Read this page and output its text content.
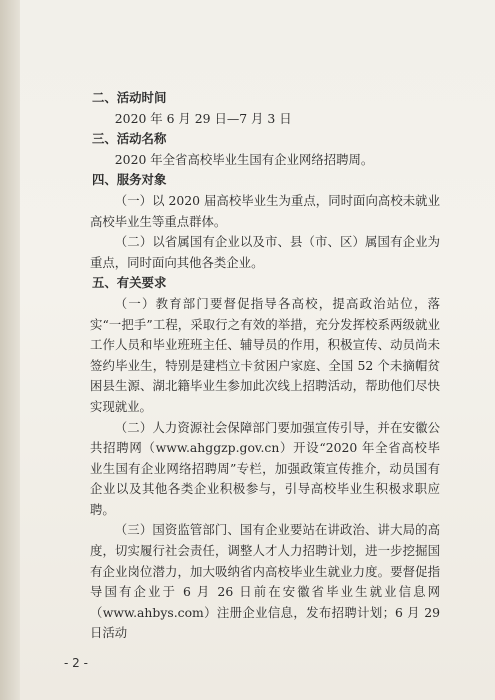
二、活动时间
2020 年 6 月 29 日—7 月 3 日
三、活动名称
2020 年全省高校毕业生国有企业网络招聘周。
四、服务对象
（一）以 2020 届高校毕业生为重点，同时面向高校未就业高校毕业生等重点群体。
（二）以省属国有企业以及市、县（市、区）属国有企业为重点，同时面向其他各类企业。
五、有关要求
（一）教育部门要督促指导各高校，提高政治站位，落实“一把手”工程，采取行之有效的举措，充分发挥校系两级就业工作人员和毕业班班主任、辅导员的作用，积极宣传、动员尚未签约毕业生，特别是建档立卡贫困户家庭、全国 52 个未摘帽贫困县生源、湖北籍毕业生参加此次线上招聘活动，帮助他们尽快实现就业。
（二）人力资源社会保障部门要加强宣传引导，并在安徽公共招聘网（www.ahggzp.gov.cn）开设“2020 年全省高校毕业生国有企业网络招聘周”专栏，加强政策宣传推介，动员国有企业以及其他各类企业积极参与，引导高校毕业生积极求职应聘。
（三）国资监管部门、国有企业要站在讲政治、讲大局的高度，切实履行社会责任，调整人才人力招聘计划，进一步挖掘国有企业岗位潜力，加大吸纳省内高校毕业生就业力度。要督促指导国有企业于 6 月 26 日前在安徽省毕业生就业信息网（www.ahbys.com）注册企业信息，发布招聘计划；6 月 29 日活动
- 2 -
